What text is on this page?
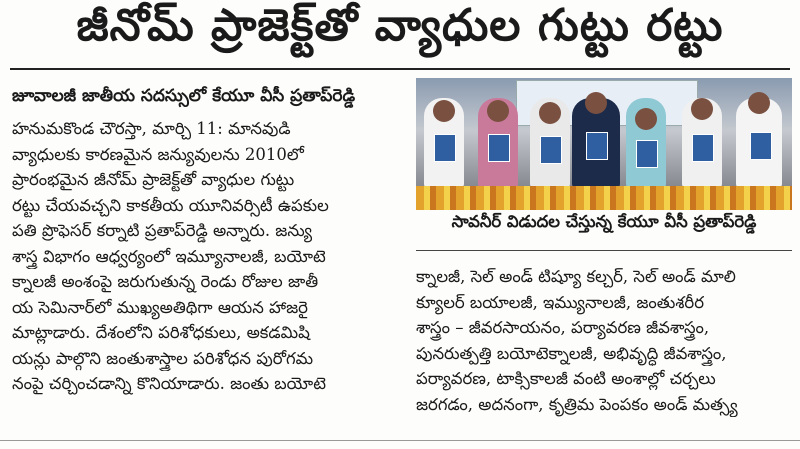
జీనోమ్ ప్రాజెక్ట్‌తో వ్యాధుల గుట్టు రట్టు
జూవాలజీ జాతీయ సదస్సులో కేయూ వీసీ ప్రతాప్‌రెడ్డి
హనుమకొండ చౌరస్తా, మార్చి 11: మానవుడి
వ్యాధులకు కారణమైన జన్యువులను 2010లో
ప్రారంభమైన జీనోమ్ ప్రాజెక్ట్‌తో వ్యాధుల గుట్టు
రట్టు చేయవచ్చని కాకతీయ యూనివర్సిటీ ఉపకుల
పతి ప్రొఫెసర్ కర్నాటి ప్రతాప్‌రెడ్డి అన్నారు. జన్యు
శాస్త్ర విభాగం ఆధ్వర్యంలో ఇమ్యూనాలజీ, బయోటె
క్నాలజీ అంశంపై జరుగుతున్న రెండు రోజుల జాతీ
య సెమినార్‌లో ముఖ్యఅతిథిగా ఆయన హాజరై
మాట్లాడారు. దేశంలోని పరిశోధకులు, అకడమిషి
యన్లు పాల్గొని జంతుశాస్త్రాల పరిశోధన పురోగమ
నంపై చర్చించడాన్ని కొనియాడారు. జంతు బయోటె
సావనీర్ విడుదల చేస్తున్న కేయూ వీసీ ప్రతాప్‌రెడ్డి
క్నాలజీ, సెల్ అండ్ టిష్యూ కల్చర్, సెల్ అండ్ మాలి
క్యూలర్ బయాలజీ, ఇమ్యునాలజీ, జంతుశరీర
శాస్త్రం – జీవరసాయనం, పర్యావరణ జీవశాస్త్రం,
పునరుత్పత్తి బయోటెక్నాలజీ, అభివృద్ధి జీవశాస్త్రం,
పర్యావరణ, టాక్సికాలజీ వంటి అంశాల్లో చర్చలు
జరగడం, అదనంగా, కృత్రిమ పెంపకం అండ్ మత్స్య
